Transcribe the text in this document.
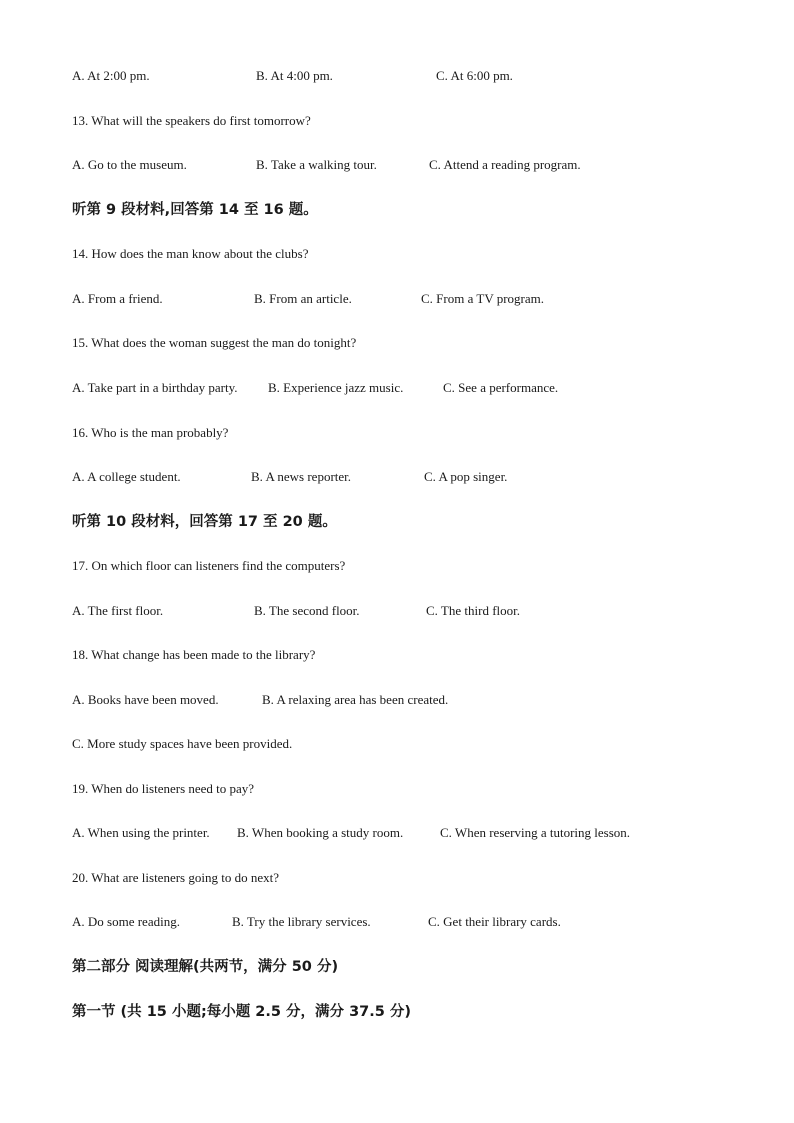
A. At 2:00 pm.	B. At 4:00 pm.	C. At 6:00 pm.
13. What will the speakers do first tomorrow?
A. Go to the museum.	B. Take a walking tour.	C. Attend a reading program.
听第 9 段材料,回答第 14 至 16 题。
14. How does the man know about the clubs?
A. From a friend.	B. From an article.	C. From a TV program.
15. What does the woman suggest the man do tonight?
A. Take part in a birthday party. B. Experience jazz music.	C. See a performance.
16. Who is the man probably?
A. A college student.	B. A news reporter.	C. A pop singer.
听第 10 段材料，回答第 17 至 20 题。
17. On which floor can listeners find the computers?
A. The first floor.	B. The second floor.	C. The third floor.
18. What change has been made to the library?
A. Books have been moved.	B. A relaxing area has been created.
C. More study spaces have been provided.
19. When do listeners need to pay?
A. When using the printer. B. When booking a study room.	C. When reserving a tutoring lesson.
20. What are listeners going to do next?
A. Do some reading.	B. Try the library services.	C. Get their library cards.
第二部分 阅读理解(共两节，满分 50 分)
第一节 (共 15 小题;每小题 2.5 分，满分 37.5 分)
